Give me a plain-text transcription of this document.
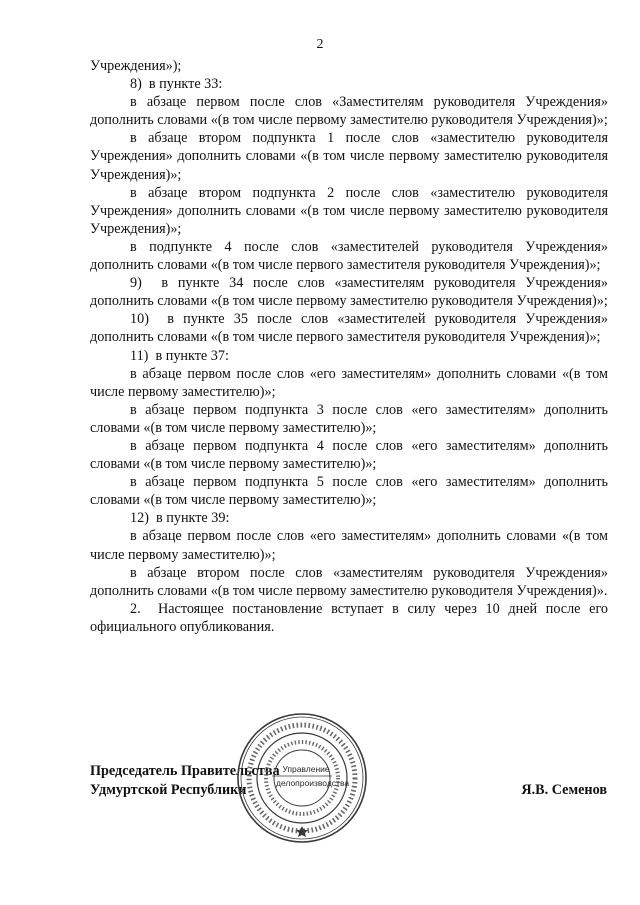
2

Учреждения»);

8)  в пункте 33:

в абзаце первом после слов «Заместителям руководителя Учреждения» дополнить словами «(в том числе первому заместителю руководителя Учреждения)»;

в абзаце втором подпункта 1 после слов «заместителю руководителя Учреждения» дополнить словами «(в том числе первому заместителю руководителя Учреждения)»;

в абзаце втором подпункта 2 после слов «заместителю руководителя Учреждения» дополнить словами «(в том числе первому заместителю руководителя Учреждения)»;

в подпункте 4 после слов «заместителей руководителя Учреждения» дополнить словами «(в том числе первого заместителя руководителя Учреждения)»;

9)  в пункте 34 после слов «заместителям руководителя Учреждения» дополнить словами «(в том числе первому заместителю руководителя Учреждения)»;

10)  в пункте 35 после слов «заместителей руководителя Учреждения» дополнить словами «(в том числе первого заместителя руководителя Учреждения)»;

11)  в пункте 37:

в абзаце первом после слов «его заместителям» дополнить словами «(в том числе первому заместителю)»;

в абзаце первом подпункта 3 после слов «его заместителям» дополнить словами «(в том числе первому заместителю)»;

в абзаце первом подпункта 4 после слов «его заместителям» дополнить словами «(в том числе первому заместителю)»;

в абзаце первом подпункта 5 после слов «его заместителям» дополнить словами «(в том числе первому заместителю)»;

12)  в пункте 39:

в абзаце первом после слов «его заместителям» дополнить словами «(в том числе первому заместителю)»;

в абзаце втором после слов «заместителям руководителя Учреждения» дополнить словами «(в том числе первому заместителю руководителя Учреждения)».

2.  Настоящее постановление вступает в силу через 10 дней после его официального опубликования.

Председатель Правительства
Удмуртской Республики	Я.В. Семенов
Управление
делопроизводства
